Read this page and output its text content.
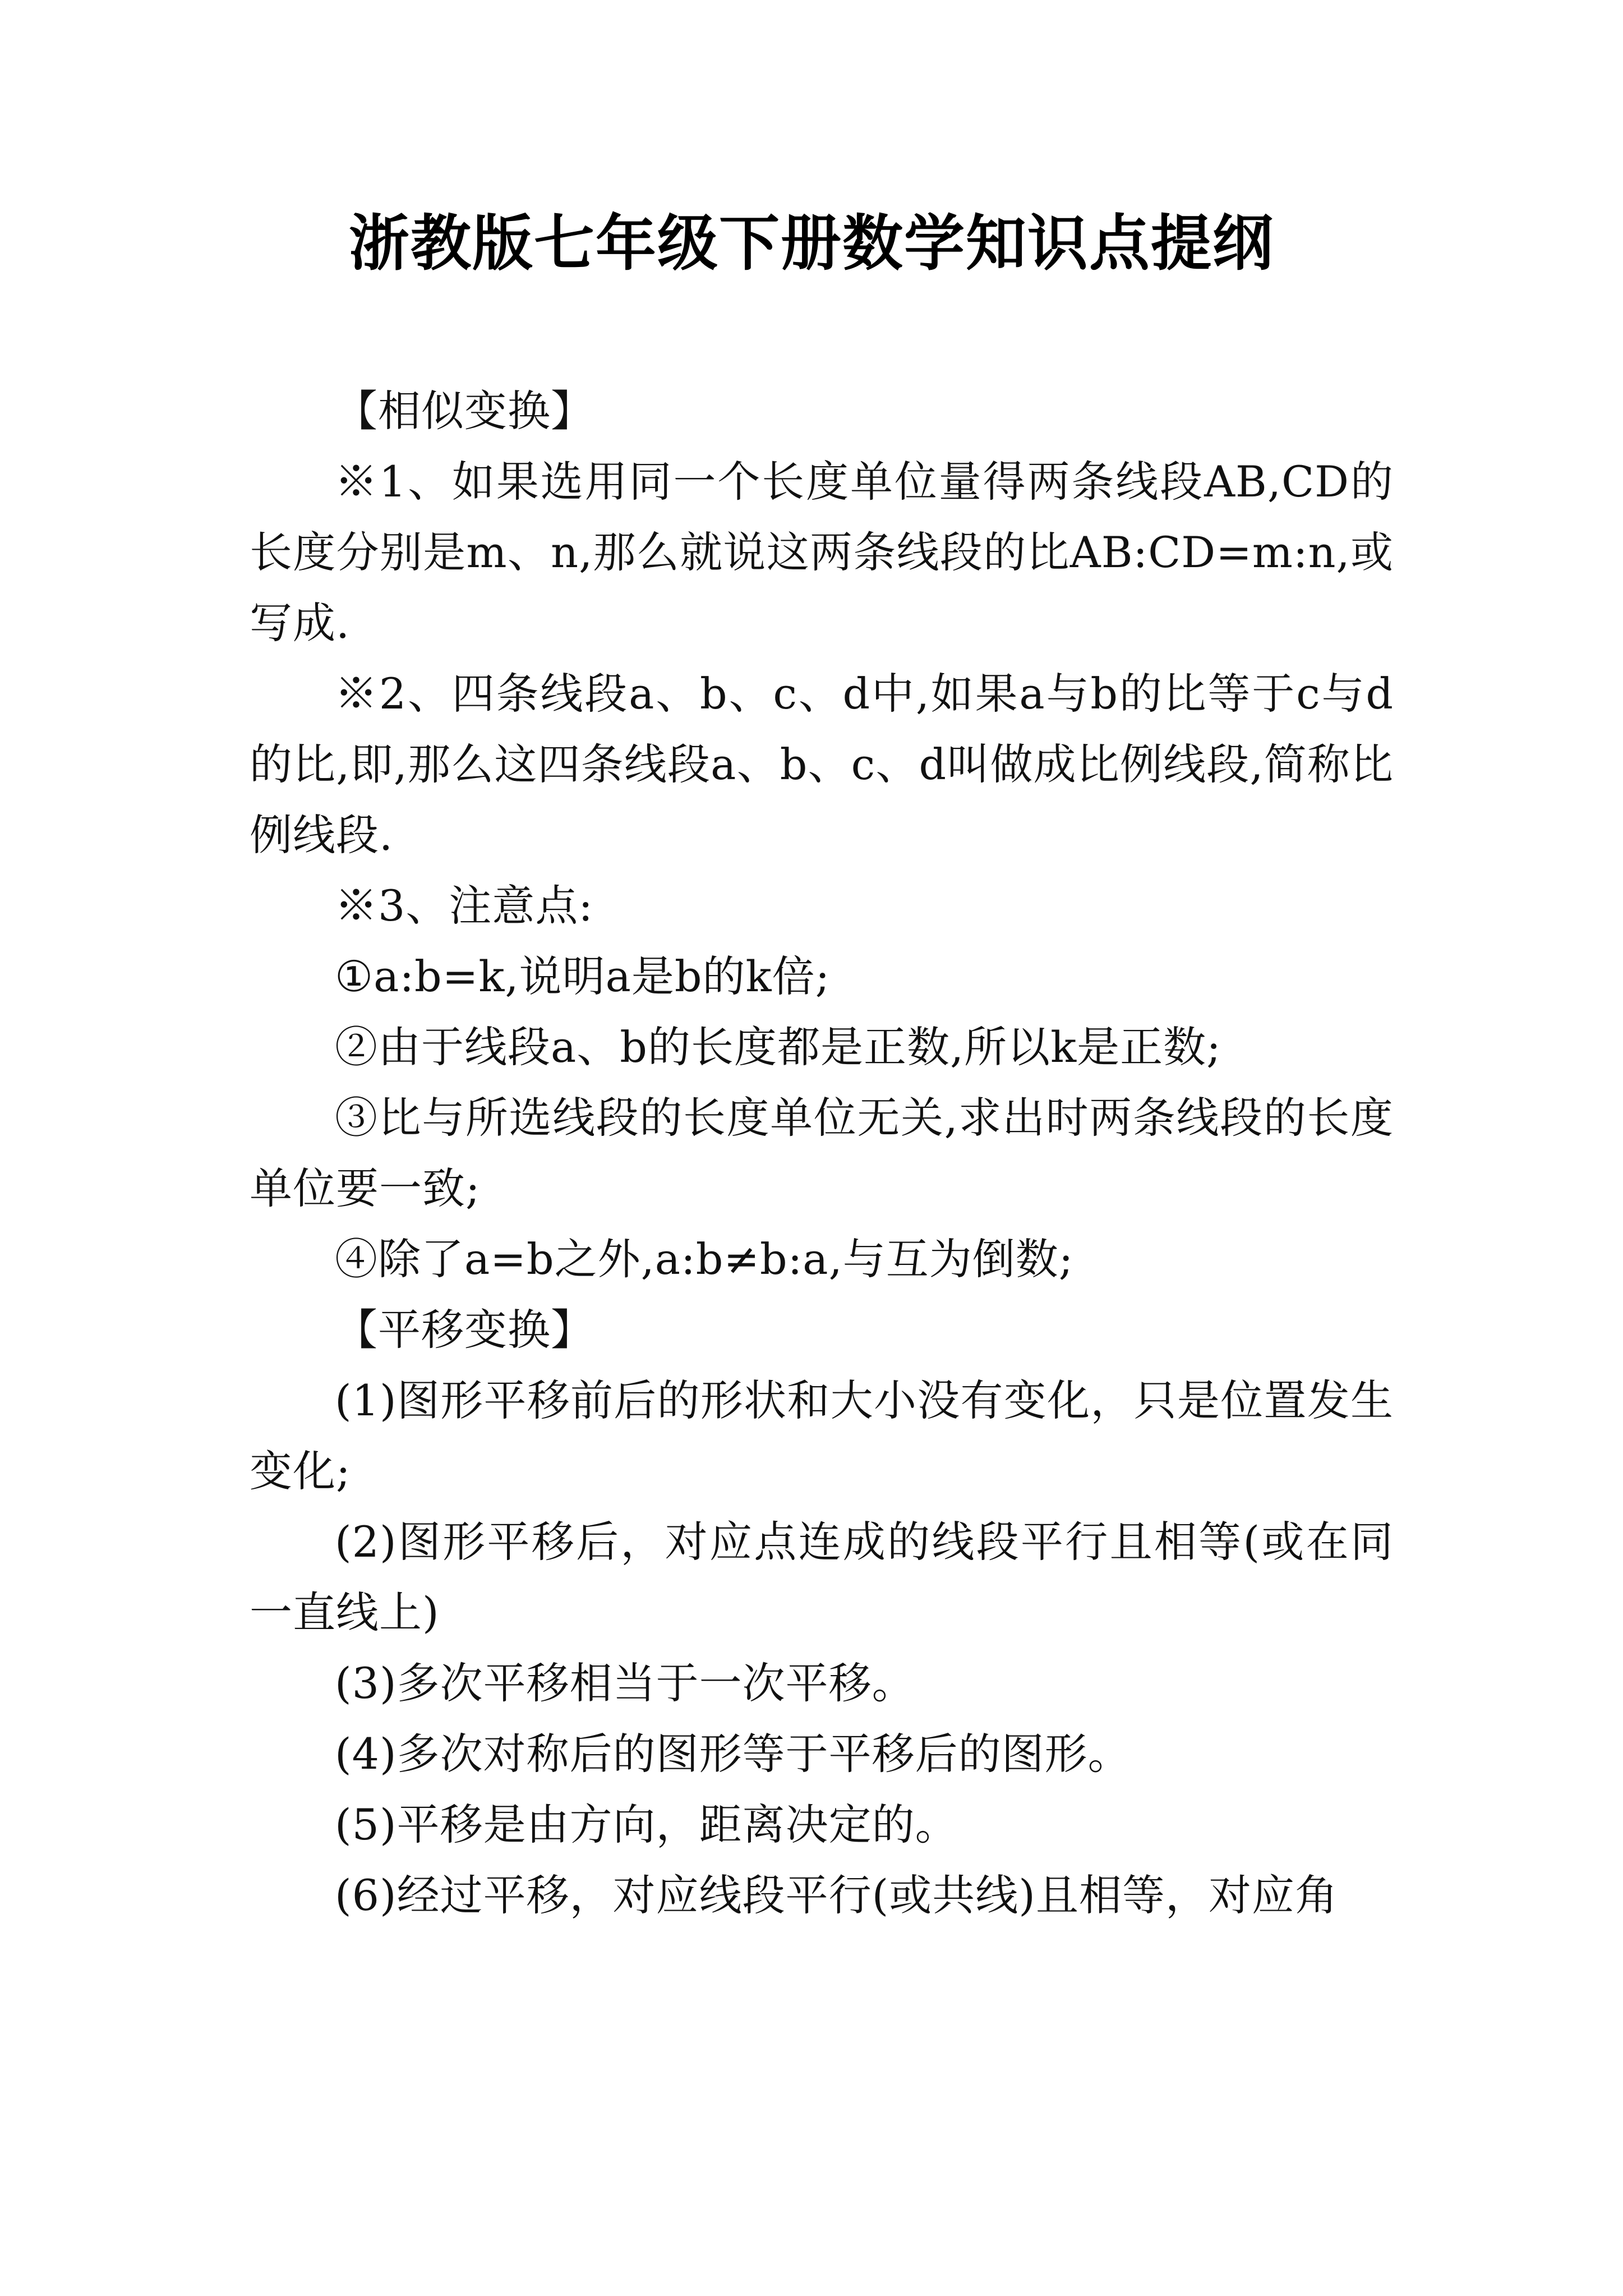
浙教版七年级下册数学知识点提纲

【相似变换】

※1、如果选用同一个长度单位量得两条线段AB,CD的长度分别是m、n,那么就说这两条线段的比AB:CD=m:n,或写成.

※2、四条线段a、b、c、d中,如果a与b的比等于c与d的比,即,那么这四条线段a、b、c、d叫做成比例线段,简称比例线段.

※3、注意点:

①a:b=k,说明a是b的k倍;

②由于线段a、b的长度都是正数,所以k是正数;

③比与所选线段的长度单位无关,求出时两条线段的长度单位要一致;

④除了a=b之外,a:b≠b:a,与互为倒数;

【平移变换】

(1)图形平移前后的形状和大小没有变化，只是位置发生变化;

(2)图形平移后，对应点连成的线段平行且相等(或在同一直线上)

(3)多次平移相当于一次平移。

(4)多次对称后的图形等于平移后的图形。

(5)平移是由方向，距离决定的。

(6)经过平移，对应线段平行(或共线)且相等，对应角
